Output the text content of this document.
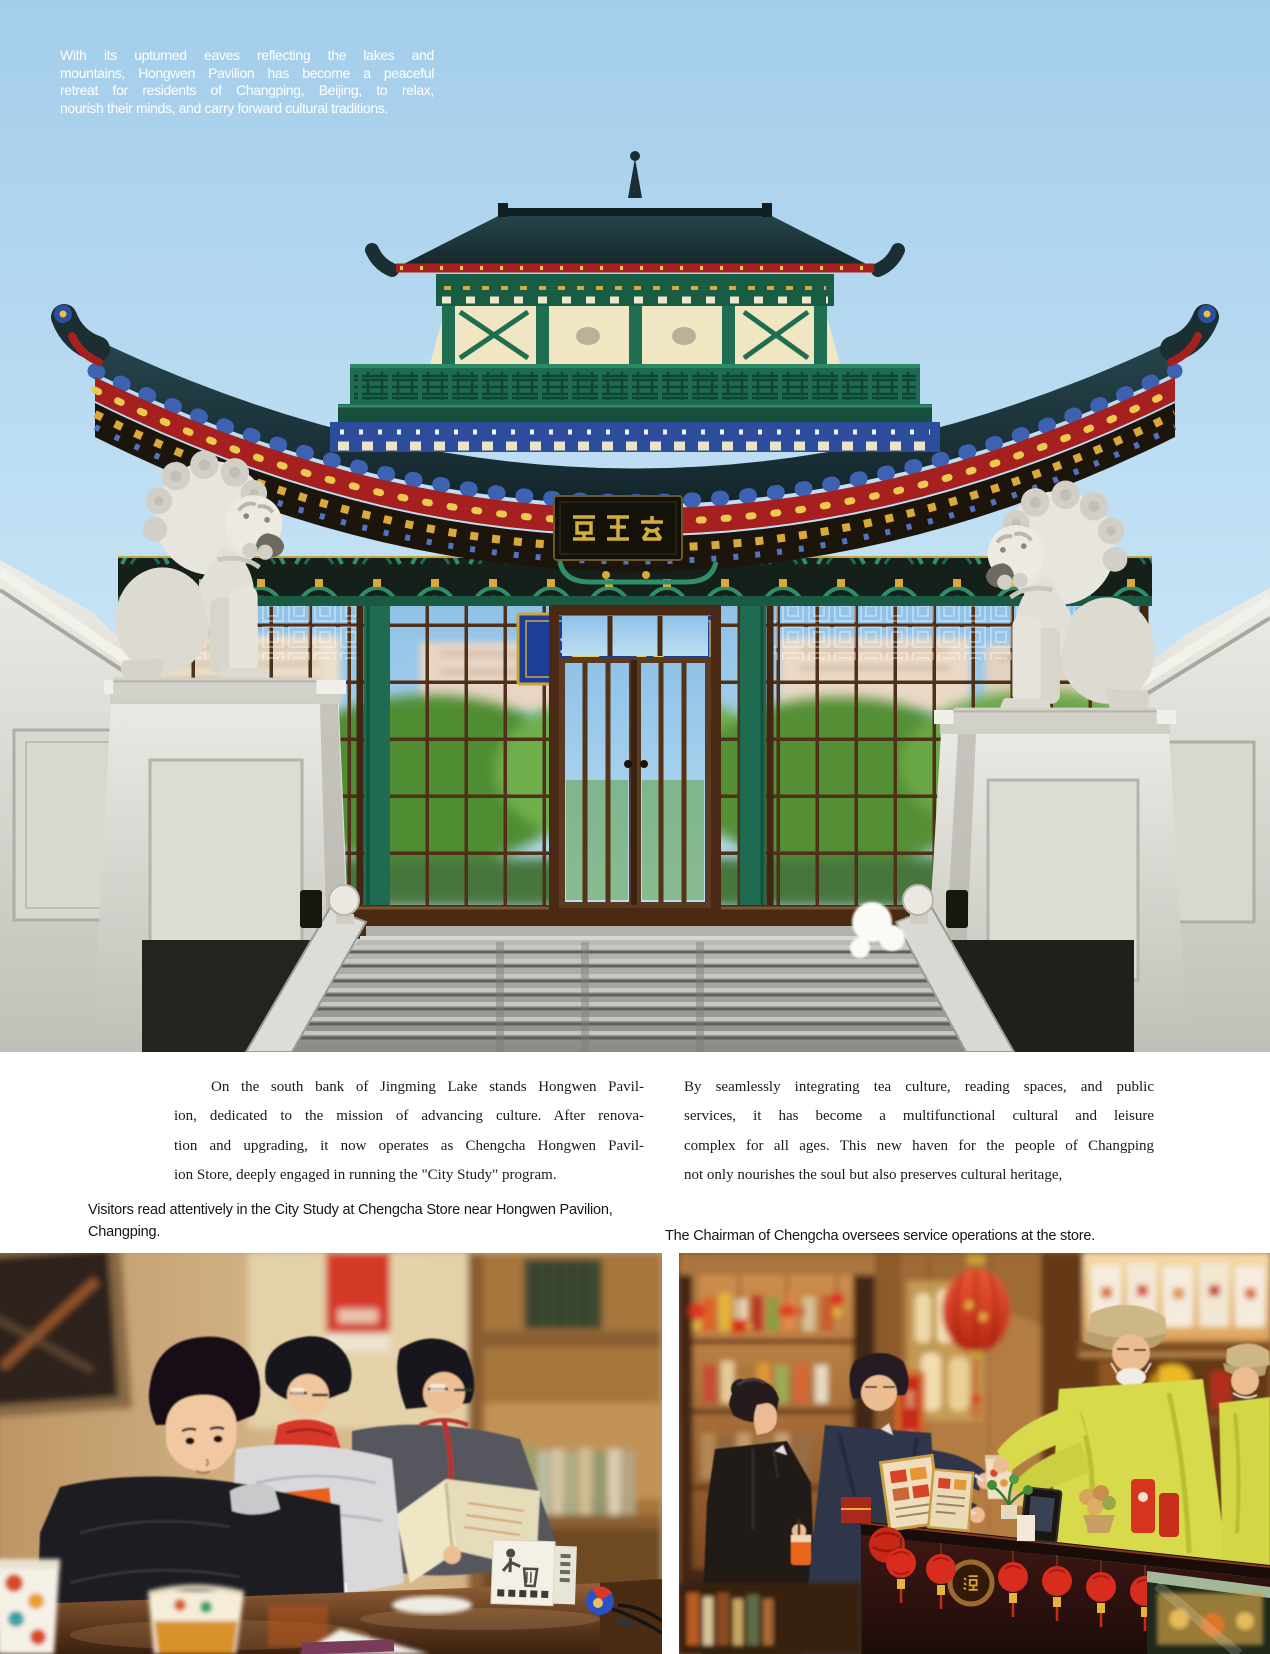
With its upturned eaves reflecting the lakes and
mountains, Hongwen Pavilion has become a peaceful
retreat for residents of Changping, Beijing, to relax,
nourish their minds, and carry forward cultural traditions.
On the south bank of Jingming Lake stands Hongwen Pavil-
ion, dedicated to the mission of advancing culture. After renova-
tion and upgrading, it now operates as Chengcha Hongwen Pavil-
ion Store, deeply engaged in running the "City Study" program.
By seamlessly integrating tea culture, reading spaces, and public
services, it has become a multifunctional cultural and leisure
complex for all ages. This new haven for the people of Changping
not only nourishes the soul but also preserves cultural heritage,
Visitors read attentively in the City Study at Chengcha Store near Hongwen Pavilion,
Changping.	The Chairman of Chengcha oversees service operations at the store.
